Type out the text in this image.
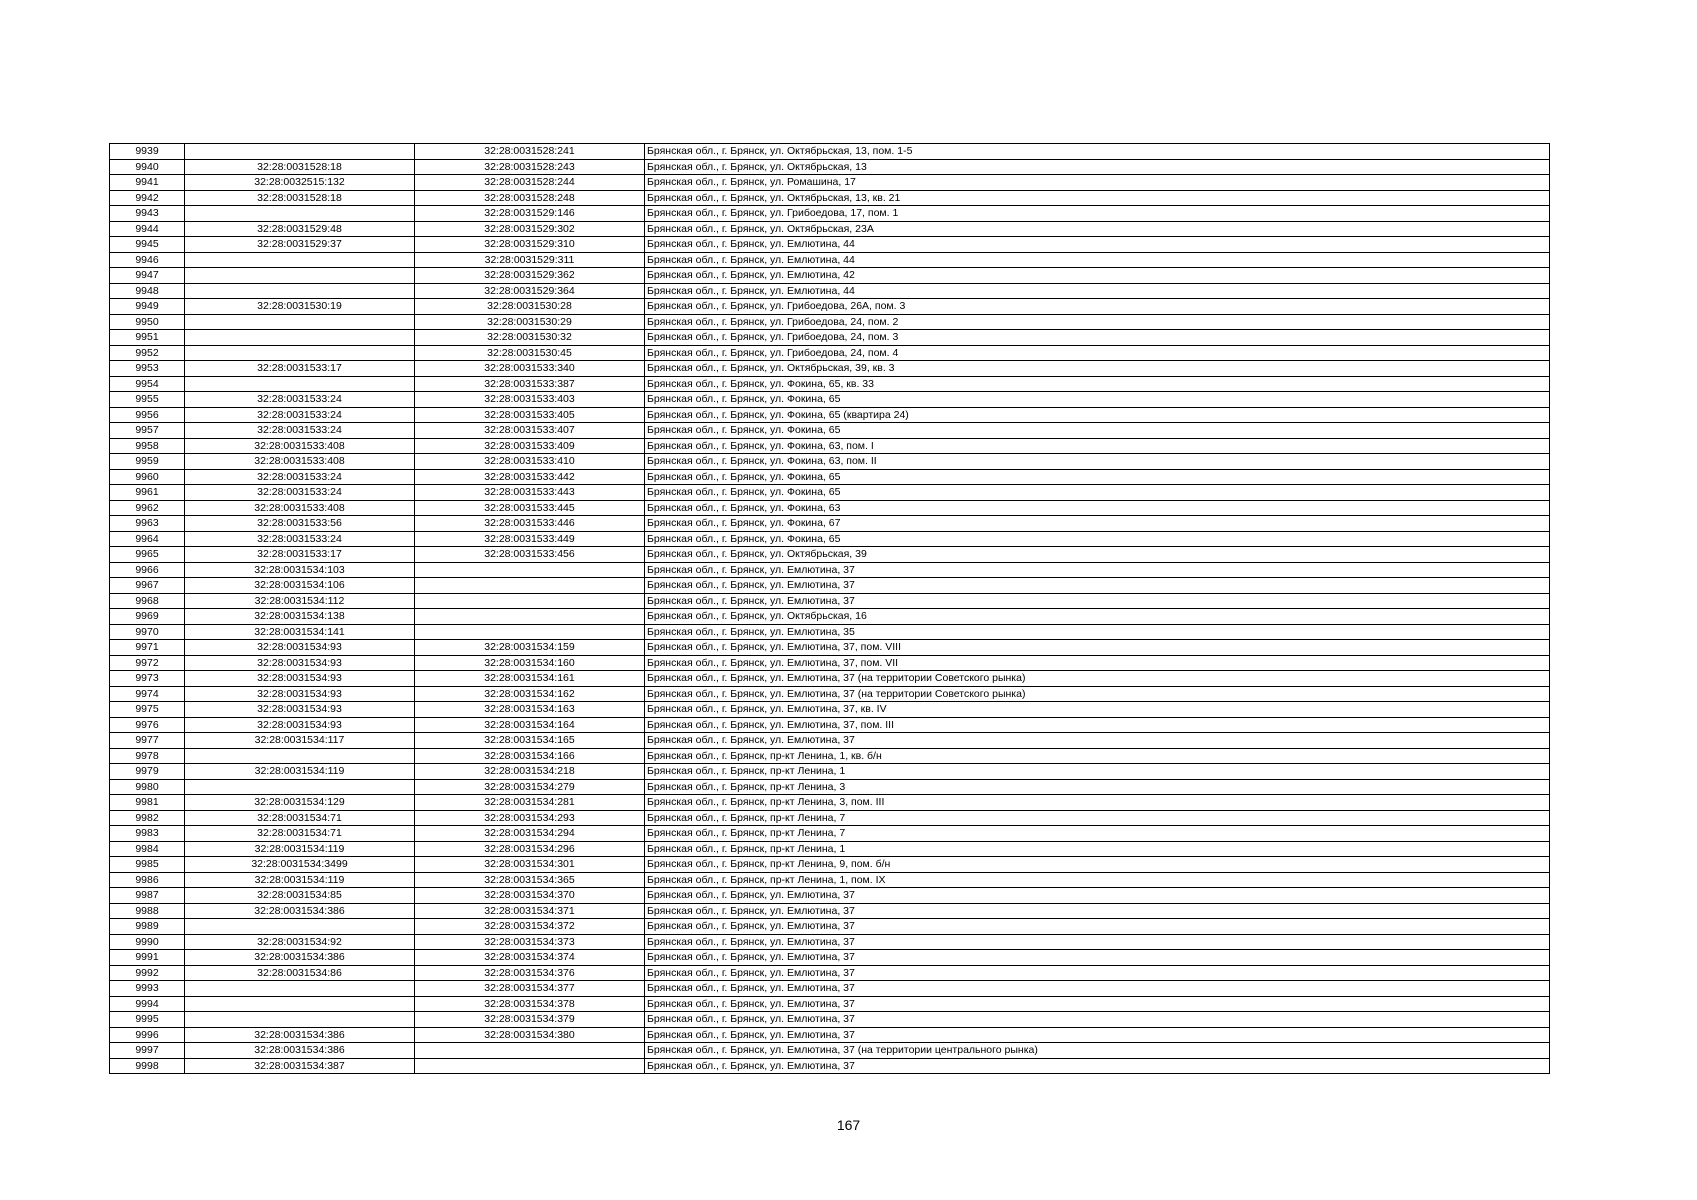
9939		32:28:0031528:241	Брянская обл., г. Брянск, ул. Октябрьская, 13, пом. 1-5
9940	32:28:0031528:18	32:28:0031528:243	Брянская обл., г. Брянск, ул. Октябрьская, 13
9941	32:28:0032515:132	32:28:0031528:244	Брянская обл., г. Брянск, ул. Ромашина, 17
9942	32:28:0031528:18	32:28:0031528:248	Брянская обл., г. Брянск, ул. Октябрьская, 13, кв. 21
9943		32:28:0031529:146	Брянская обл., г. Брянск, ул. Грибоедова, 17, пом. 1
9944	32:28:0031529:48	32:28:0031529:302	Брянская обл., г. Брянск, ул. Октябрьская, 23А
9945	32:28:0031529:37	32:28:0031529:310	Брянская обл., г. Брянск, ул. Емлютина, 44
9946		32:28:0031529:311	Брянская обл., г. Брянск, ул. Емлютина, 44
9947		32:28:0031529:362	Брянская обл., г. Брянск, ул. Емлютина, 42
9948		32:28:0031529:364	Брянская обл., г. Брянск, ул. Емлютина, 44
9949	32:28:0031530:19	32:28:0031530:28	Брянская обл., г. Брянск, ул. Грибоедова, 26А, пом. 3
9950		32:28:0031530:29	Брянская обл., г. Брянск, ул. Грибоедова, 24, пом. 2
9951		32:28:0031530:32	Брянская обл., г. Брянск, ул. Грибоедова, 24, пом. 3
9952		32:28:0031530:45	Брянская обл., г. Брянск, ул. Грибоедова, 24, пом. 4
9953	32:28:0031533:17	32:28:0031533:340	Брянская обл., г. Брянск, ул. Октябрьская, 39, кв. 3
9954		32:28:0031533:387	Брянская обл., г. Брянск, ул. Фокина, 65, кв. 33
9955	32:28:0031533:24	32:28:0031533:403	Брянская обл., г. Брянск, ул. Фокина, 65
9956	32:28:0031533:24	32:28:0031533:405	Брянская обл., г. Брянск, ул. Фокина, 65 (квартира 24)
9957	32:28:0031533:24	32:28:0031533:407	Брянская обл., г. Брянск, ул. Фокина, 65
9958	32:28:0031533:408	32:28:0031533:409	Брянская обл., г. Брянск, ул. Фокина, 63, пом. I
9959	32:28:0031533:408	32:28:0031533:410	Брянская обл., г. Брянск, ул. Фокина, 63, пом. II
9960	32:28:0031533:24	32:28:0031533:442	Брянская обл., г. Брянск, ул. Фокина, 65
9961	32:28:0031533:24	32:28:0031533:443	Брянская обл., г. Брянск, ул. Фокина, 65
9962	32:28:0031533:408	32:28:0031533:445	Брянская обл., г. Брянск, ул. Фокина, 63
9963	32:28:0031533:56	32:28:0031533:446	Брянская обл., г. Брянск, ул. Фокина, 67
9964	32:28:0031533:24	32:28:0031533:449	Брянская обл., г. Брянск, ул. Фокина, 65
9965	32:28:0031533:17	32:28:0031533:456	Брянская обл., г. Брянск, ул. Октябрьская, 39
9966	32:28:0031534:103		Брянская обл., г. Брянск, ул. Емлютина, 37
9967	32:28:0031534:106		Брянская обл., г. Брянск, ул. Емлютина, 37
9968	32:28:0031534:112		Брянская обл., г. Брянск, ул. Емлютина, 37
9969	32:28:0031534:138		Брянская обл., г. Брянск, ул. Октябрьская, 16
9970	32:28:0031534:141		Брянская обл., г. Брянск, ул. Емлютина, 35
9971	32:28:0031534:93	32:28:0031534:159	Брянская обл., г. Брянск, ул. Емлютина, 37, пом. VIII
9972	32:28:0031534:93	32:28:0031534:160	Брянская обл., г. Брянск, ул. Емлютина, 37, пом. VII
9973	32:28:0031534:93	32:28:0031534:161	Брянская обл., г. Брянск, ул. Емлютина, 37 (на территории Советского рынка)
9974	32:28:0031534:93	32:28:0031534:162	Брянская обл., г. Брянск, ул. Емлютина, 37 (на территории Советского рынка)
9975	32:28:0031534:93	32:28:0031534:163	Брянская обл., г. Брянск, ул. Емлютина, 37, кв. IV
9976	32:28:0031534:93	32:28:0031534:164	Брянская обл., г. Брянск, ул. Емлютина, 37, пом. III
9977	32:28:0031534:117	32:28:0031534:165	Брянская обл., г. Брянск, ул. Емлютина, 37
9978		32:28:0031534:166	Брянская обл., г. Брянск, пр-кт Ленина, 1, кв. б/н
9979	32:28:0031534:119	32:28:0031534:218	Брянская обл., г. Брянск, пр-кт Ленина, 1
9980		32:28:0031534:279	Брянская обл., г. Брянск, пр-кт Ленина, 3
9981	32:28:0031534:129	32:28:0031534:281	Брянская обл., г. Брянск, пр-кт Ленина, 3, пом. III
9982	32:28:0031534:71	32:28:0031534:293	Брянская обл., г. Брянск, пр-кт Ленина, 7
9983	32:28:0031534:71	32:28:0031534:294	Брянская обл., г. Брянск, пр-кт Ленина, 7
9984	32:28:0031534:119	32:28:0031534:296	Брянская обл., г. Брянск, пр-кт Ленина, 1
9985	32:28:0031534:3499	32:28:0031534:301	Брянская обл., г. Брянск, пр-кт Ленина, 9, пом. б/н
9986	32:28:0031534:119	32:28:0031534:365	Брянская обл., г. Брянск, пр-кт Ленина, 1, пом. IX
9987	32:28:0031534:85	32:28:0031534:370	Брянская обл., г. Брянск, ул. Емлютина, 37
9988	32:28:0031534:386	32:28:0031534:371	Брянская обл., г. Брянск, ул. Емлютина, 37
9989		32:28:0031534:372	Брянская обл., г. Брянск, ул. Емлютина, 37
9990	32:28:0031534:92	32:28:0031534:373	Брянская обл., г. Брянск, ул. Емлютина, 37
9991	32:28:0031534:386	32:28:0031534:374	Брянская обл., г. Брянск, ул. Емлютина, 37
9992	32:28:0031534:86	32:28:0031534:376	Брянская обл., г. Брянск, ул. Емлютина, 37
9993		32:28:0031534:377	Брянская обл., г. Брянск, ул. Емлютина, 37
9994		32:28:0031534:378	Брянская обл., г. Брянск, ул. Емлютина, 37
9995		32:28:0031534:379	Брянская обл., г. Брянск, ул. Емлютина, 37
9996	32:28:0031534:386	32:28:0031534:380	Брянская обл., г. Брянск, ул. Емлютина, 37
9997	32:28:0031534:386		Брянская обл., г. Брянск, ул. Емлютина, 37 (на территории центрального рынка)
9998	32:28:0031534:387		Брянская обл., г. Брянск, ул. Емлютина, 37
167
